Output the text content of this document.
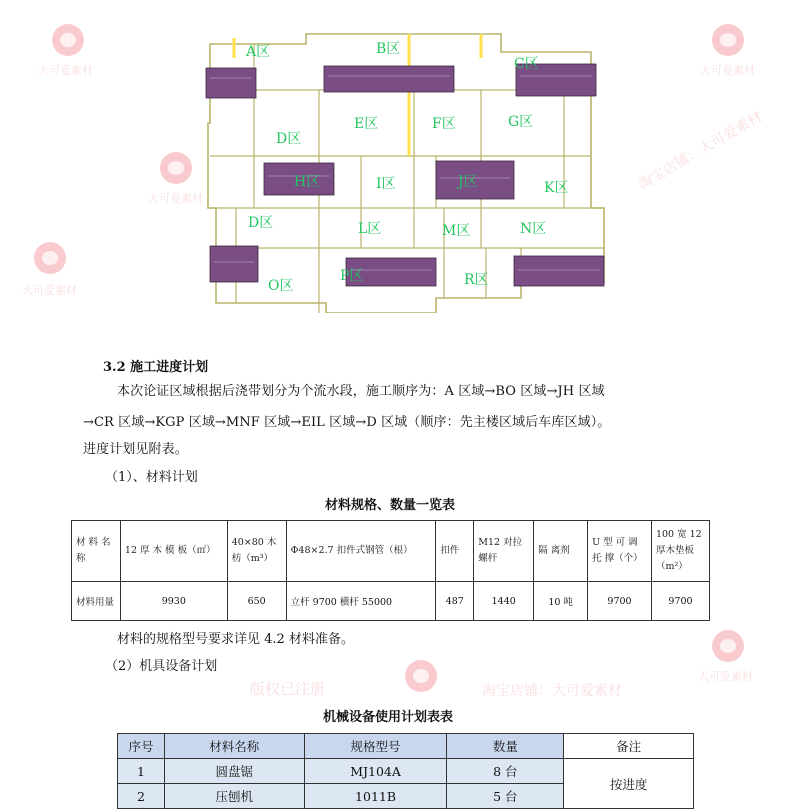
大可爱素材	大可爱素材
大可爱素材
大可爱素材
淘宝店铺：大可爱素材
版权已注册	淘宝店铺：大可爱素材
大可爱素材
A区	B区
C区
D区
E区	F区	G区
H区	I区	J区	K区
D区	L区	M区	N区
O区
P区	R区
3.2 施工进度计划
本次论证区域根据后浇带划分为个流水段，施工顺序为：A 区域→BO 区域→JH 区域
→CR 区域→KGP 区域→MNF 区域→EIL 区域→D 区域（顺序：先主楼区域后车库区域）。
进度计划见附表。
（1）、材料计划
材料规格、数量一览表
材 料 名称	12 厚 木 模 板（㎡）	40×80 木枋（m³）	Φ48×2.7 扣件式钢管（根）	扣件	M12 对拉螺杆	隔 离剂	U 型 可 调 托 撑（个）	100 宽 12 厚木垫板（m²）
材料用量	9930	650	立杆 9700 横杆 55000	487	1440	10 吨	9700	9700
材料的规格型号要求详见 4.2 材料准备。
（2）机具设备计划
机械设备使用计划表表
序号	材料名称	规格型号	数量	备注
1	圆盘锯	MJ104A	8 台	按进度
2	压刨机	1011B	5 台	
